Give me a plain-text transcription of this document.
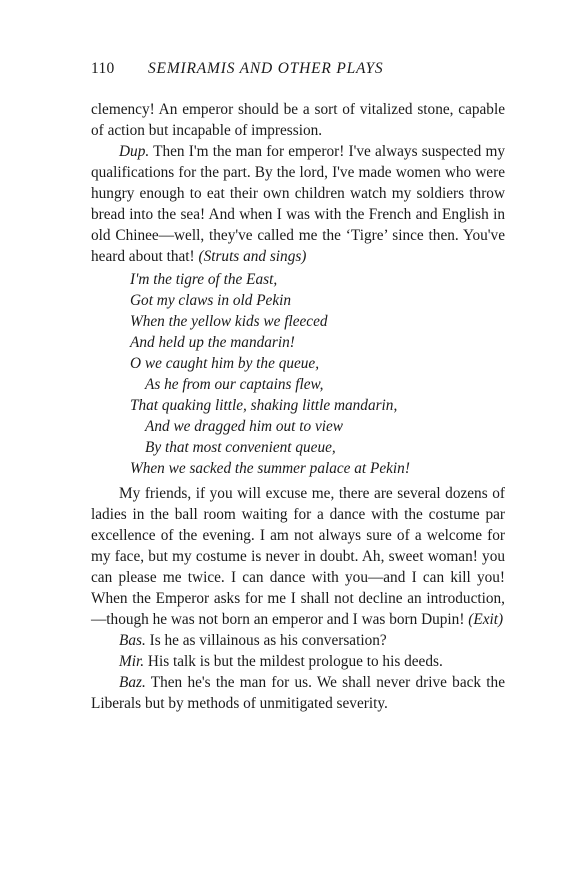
110 SEMIRAMIS AND OTHER PLAYS

clemency! An emperor should be a sort of vitalized stone, capable of action but incapable of impression.

Dup. Then I'm the man for emperor! I've always suspected my qualifications for the part. By the lord, I've made women who were hungry enough to eat their own children watch my soldiers throw bread into the sea! And when I was with the French and English in old Chinee—well, they've called me the ‘Tigre’ since then. You've heard about that! (Struts and sings)

I'm the tigre of the East,
Got my claws in old Pekin
When the yellow kids we fleeced
And held up the mandarin!
O we caught him by the queue,
As he from our captains flew,
That quaking little, shaking little mandarin,
And we dragged him out to view
By that most convenient queue,
When we sacked the summer palace at Pekin!

My friends, if you will excuse me, there are several dozens of ladies in the ball room waiting for a dance with the costume par excellence of the evening. I am not always sure of a welcome for my face, but my costume is never in doubt. Ah, sweet woman! you can please me twice. I can dance with you—and I can kill you! When the Emperor asks for me I shall not decline an introduction,—though he was not born an emperor and I was born Dupin! (Exit)

Bas. Is he as villainous as his conversation?

Mir. His talk is but the mildest prologue to his deeds.

Baz. Then he's the man for us. We shall never drive back the Liberals but by methods of unmitigated severity.
